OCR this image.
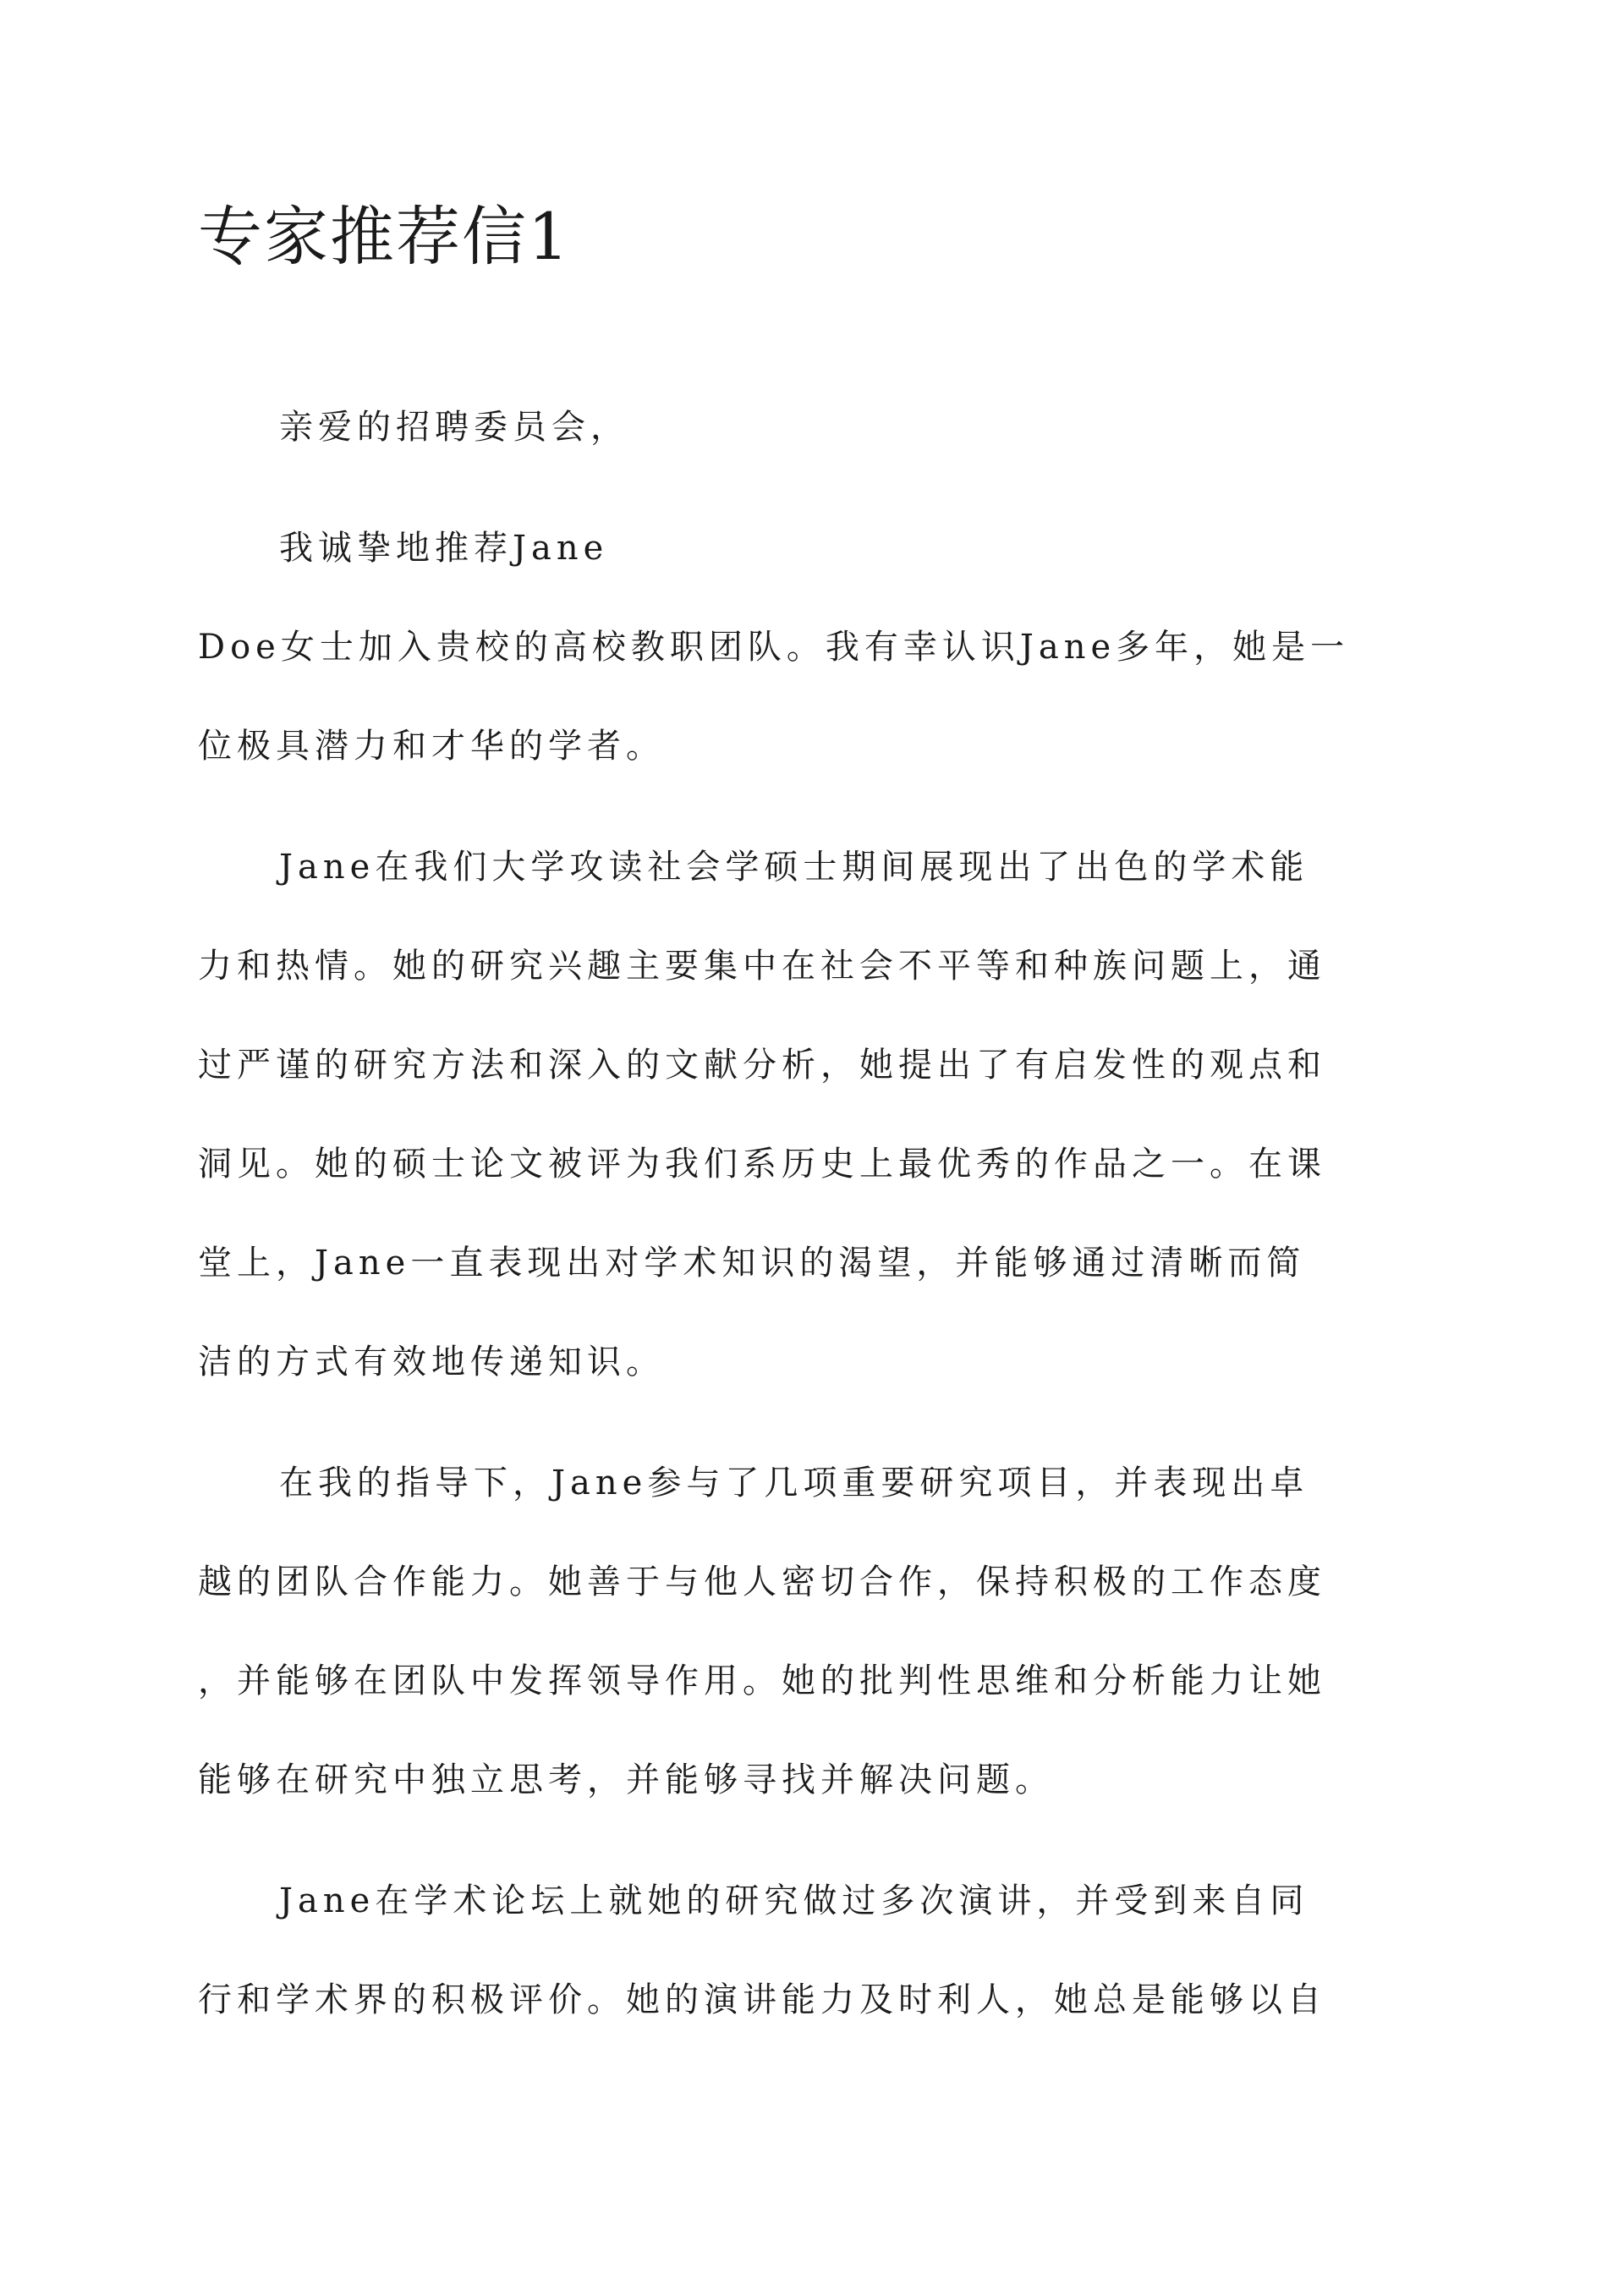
专家推荐信1

亲爱的招聘委员会，

我诚挚地推荐Jane

Doe女士加入贵校的高校教职团队。我有幸认识Jane多年，她是一

位极具潜力和才华的学者。

Jane在我们大学攻读社会学硕士期间展现出了出色的学术能

力和热情。她的研究兴趣主要集中在社会不平等和种族问题上，通

过严谨的研究方法和深入的文献分析，她提出了有启发性的观点和

洞见。她的硕士论文被评为我们系历史上最优秀的作品之一。在课

堂上，Jane一直表现出对学术知识的渴望，并能够通过清晰而简

洁的方式有效地传递知识。

在我的指导下，Jane参与了几项重要研究项目，并表现出卓

越的团队合作能力。她善于与他人密切合作，保持积极的工作态度

，并能够在团队中发挥领导作用。她的批判性思维和分析能力让她

能够在研究中独立思考，并能够寻找并解决问题。

Jane在学术论坛上就她的研究做过多次演讲，并受到来自同

行和学术界的积极评价。她的演讲能力及时利人，她总是能够以自
